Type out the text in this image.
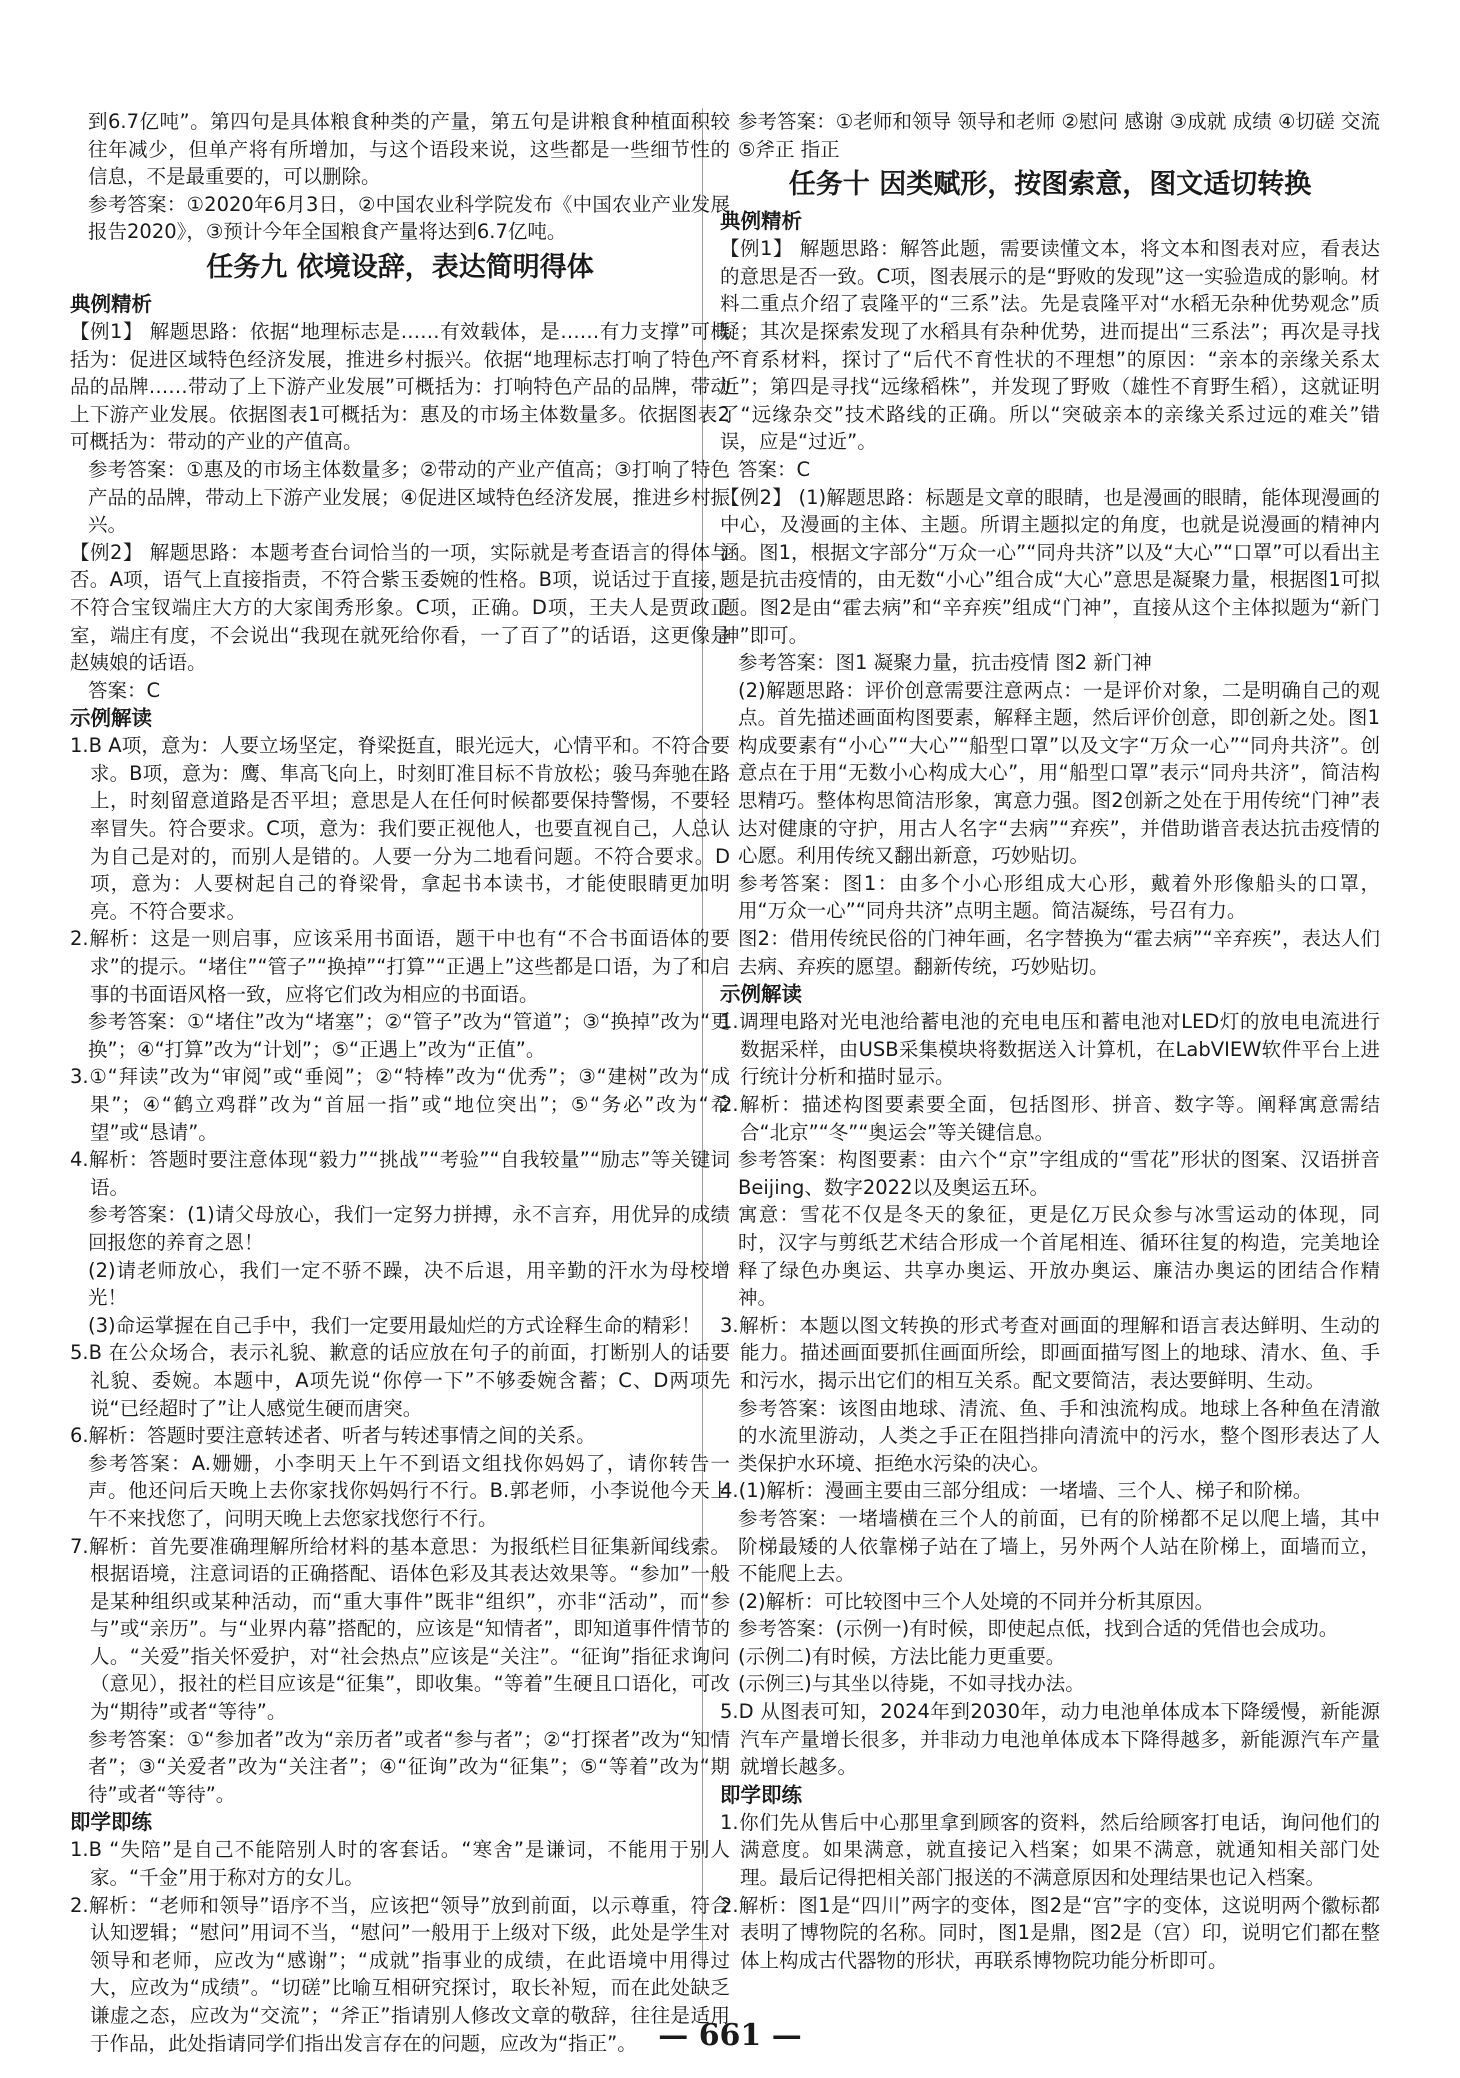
到6.7亿吨”。第四句是具体粮食种类的产量，第五句是讲粮食种植面积较往年减少，但单产将有所增加，与这个语段来说，这些都是一些细节性的信息，不是最重要的，可以删除。

参考答案：①2020年6月3日，②中国农业科学院发布《中国农业产业发展报告2020》，③预计今年全国粮食产量将达到6.7亿吨。

任务九 依境设辞，表达简明得体
典例精析

【例1】 解题思路：依据“地理标志是……有效载体，是……有力支撑”可概括为：促进区域特色经济发展，推进乡村振兴。依据“地理标志打响了特色产品的品牌……带动了上下游产业发展”可概括为：打响特色产品的品牌，带动上下游产业发展。依据图表1可概括为：惠及的市场主体数量多。依据图表2可概括为：带动的产业的产值高。

参考答案：①惠及的市场主体数量多；②带动的产业产值高；③打响了特色产品的品牌，带动上下游产业发展；④促进区域特色经济发展，推进乡村振兴。

【例2】 解题思路：本题考查台词恰当的一项，实际就是考查语言的得体与否。A项，语气上直接指责，不符合紫玉委婉的性格。B项，说话过于直接，不符合宝钗端庄大方的大家闺秀形象。C项，正确。D项，王夫人是贾政正室，端庄有度，不会说出“我现在就死给你看，一了百了”的话语，这更像是赵姨娘的话语。

答案：C

示例解读

1.B A项，意为：人要立场坚定，脊梁挺直，眼光远大，心情平和。不符合要求。B项，意为：鹰、隼高飞向上，时刻盯准目标不肯放松；骏马奔驰在路上，时刻留意道路是否平坦；意思是人在任何时候都要保持警惕，不要轻率冒失。符合要求。C项，意为：我们要正视他人，也要直视自己，人总认为自己是对的，而别人是错的。人要一分为二地看问题。不符合要求。D项，意为：人要树起自己的脊梁骨，拿起书本读书，才能使眼睛更加明亮。不符合要求。

2.解析：这是一则启事，应该采用书面语，题干中也有“不合书面语体的要求”的提示。“堵住”“管子”“换掉”“打算”“正遇上”这些都是口语，为了和启事的书面语风格一致，应将它们改为相应的书面语。

参考答案：①“堵住”改为“堵塞”；②“管子”改为“管道”；③“换掉”改为“更换”；④“打算”改为“计划”；⑤“正遇上”改为“正值”。

3.①“拜读”改为“审阅”或“垂阅”；②“特棒”改为“优秀”；③“建树”改为“成果”；④“鹤立鸡群”改为“首屈一指”或“地位突出”；⑤“务必”改为“希望”或“恳请”。

4.解析：答题时要注意体现“毅力”“挑战”“考验”“自我较量”“励志”等关键词语。

参考答案：(1)请父母放心，我们一定努力拼搏，永不言弃，用优异的成绩回报您的养育之恩！

(2)请老师放心，我们一定不骄不躁，决不后退，用辛勤的汗水为母校增光！

(3)命运掌握在自己手中，我们一定要用最灿烂的方式诠释生命的精彩！

5.B 在公众场合，表示礼貌、歉意的话应放在句子的前面，打断别人的话要礼貌、委婉。本题中，A项先说“你停一下”不够委婉含蓄；C、D两项先说“已经超时了”让人感觉生硬而唐突。

6.解析：答题时要注意转述者、听者与转述事情之间的关系。

参考答案：A.姗姗，小李明天上午不到语文组找你妈妈了，请你转告一声。他还问后天晚上去你家找你妈妈行不行。B.郭老师，小李说他今天上午不来找您了，问明天晚上去您家找您行不行。

7.解析：首先要准确理解所给材料的基本意思：为报纸栏目征集新闻线索。根据语境，注意词语的正确搭配、语体色彩及其表达效果等。“参加”一般是某种组织或某种活动，而“重大事件”既非“组织”，亦非“活动”，而“参与”或“亲历”。与“业界内幕”搭配的，应该是“知情者”，即知道事件情节的人。“关爱”指关怀爱护，对“社会热点”应该是“关注”。“征询”指征求询问（意见），报社的栏目应该是“征集”，即收集。“等着”生硬且口语化，可改为“期待”或者“等待”。

参考答案：①“参加者”改为“亲历者”或者“参与者”；②“打探者”改为“知情者”；③“关爱者”改为“关注者”；④“征询”改为“征集”；⑤“等着”改为“期待”或者“等待”。

即学即练

1.B “失陪”是自己不能陪别人时的客套话。“寒舍”是谦词，不能用于别人家。“千金”用于称对方的女儿。

2.解析：“老师和领导”语序不当，应该把“领导”放到前面，以示尊重，符合认知逻辑；“慰问”用词不当，“慰问”一般用于上级对下级，此处是学生对领导和老师，应改为“感谢”；“成就”指事业的成绩，在此语境中用得过大，应改为“成绩”。“切磋”比喻互相研究探讨，取长补短，而在此处缺乏谦虚之态，应改为“交流”；“斧正”指请别人修改文章的敬辞，往往是适用于作品，此处指请同学们指出发言存在的问题，应改为“指正”。

参考答案：①老师和领导 领导和老师 ②慰问 感谢 ③成就 成绩 ④切磋 交流 ⑤斧正 指正

任务十 因类赋形，按图索意，图文适切转换
典例精析

【例1】 解题思路：解答此题，需要读懂文本，将文本和图表对应，看表达的意思是否一致。C项，图表展示的是“野败的发现”这一实验造成的影响。材料二重点介绍了袁隆平的“三系”法。先是袁隆平对“水稻无杂种优势观念”质疑；其次是探索发现了水稻具有杂种优势，进而提出“三系法”；再次是寻找不育系材料，探讨了“后代不育性状的不理想”的原因：“亲本的亲缘关系太近”；第四是寻找“远缘稻株”，并发现了野败（雄性不育野生稻），这就证明了“远缘杂交”技术路线的正确。所以“突破亲本的亲缘关系过远的难关”错误，应是“过近”。

答案：C

【例2】 (1)解题思路：标题是文章的眼睛，也是漫画的眼睛，能体现漫画的中心，及漫画的主体、主题。所谓主题拟定的角度，也就是说漫画的精神内涵。图1，根据文字部分“万众一心”“同舟共济”以及“大心”“口罩”可以看出主题是抗击疫情的，由无数“小心”组合成“大心”意思是凝聚力量，根据图1可拟题。图2是由“霍去病”和“辛弃疾”组成“门神”，直接从这个主体拟题为“新门神”即可。

参考答案：图1 凝聚力量，抗击疫情 图2 新门神

(2)解题思路：评价创意需要注意两点：一是评价对象，二是明确自己的观点。首先描述画面构图要素，解释主题，然后评价创意，即创新之处。图1构成要素有“小心”“大心”“船型口罩”以及文字“万众一心”“同舟共济”。创意点在于用“无数小心构成大心”，用“船型口罩”表示“同舟共济”，简洁构思精巧。整体构思简洁形象，寓意力强。图2创新之处在于用传统“门神”表达对健康的守护，用古人名字“去病”“弃疾”，并借助谐音表达抗击疫情的心愿。利用传统又翻出新意，巧妙贴切。

参考答案：图1：由多个小心形组成大心形，戴着外形像船头的口罩，用“万众一心”“同舟共济”点明主题。简洁凝练，号召有力。

图2：借用传统民俗的门神年画，名字替换为“霍去病”“辛弃疾”，表达人们去病、弃疾的愿望。翻新传统，巧妙贴切。

示例解读

1.调理电路对光电池给蓄电池的充电电压和蓄电池对LED灯的放电电流进行数据采样，由USB采集模块将数据送入计算机，在LabVIEW软件平台上进行统计分析和描时显示。

2.解析：描述构图要素要全面，包括图形、拼音、数字等。阐释寓意需结合“北京”“冬”“奥运会”等关键信息。

参考答案：构图要素：由六个“京”字组成的“雪花”形状的图案、汉语拼音Beijing、数字2022以及奥运五环。

寓意：雪花不仅是冬天的象征，更是亿万民众参与冰雪运动的体现，同时，汉字与剪纸艺术结合形成一个首尾相连、循环往复的构造，完美地诠释了绿色办奥运、共享办奥运、开放办奥运、廉洁办奥运的团结合作精神。

3.解析：本题以图文转换的形式考查对画面的理解和语言表达鲜明、生动的能力。描述画面要抓住画面所绘，即画面描写图上的地球、清水、鱼、手和污水，揭示出它们的相互关系。配文要简洁，表达要鲜明、生动。

参考答案：该图由地球、清流、鱼、手和浊流构成。地球上各种鱼在清澈的水流里游动，人类之手正在阻挡排向清流中的污水，整个图形表达了人类保护水环境、拒绝水污染的决心。

4.(1)解析：漫画主要由三部分组成：一堵墙、三个人、梯子和阶梯。

参考答案：一堵墙横在三个人的前面，已有的阶梯都不足以爬上墙，其中阶梯最矮的人依靠梯子站在了墙上，另外两个人站在阶梯上，面墙而立，不能爬上去。

(2)解析：可比较图中三个人处境的不同并分析其原因。

参考答案：(示例一)有时候，即使起点低，找到合适的凭借也会成功。

(示例二)有时候，方法比能力更重要。

(示例三)与其坐以待毙，不如寻找办法。

5.D 从图表可知，2024年到2030年，动力电池单体成本下降缓慢，新能源汽车产量增长很多，并非动力电池单体成本下降得越多，新能源汽车产量就增长越多。

即学即练

1.你们先从售后中心那里拿到顾客的资料，然后给顾客打电话，询问他们的满意度。如果满意，就直接记入档案；如果不满意，就通知相关部门处理。最后记得把相关部门报送的不满意原因和处理结果也记入档案。

2.解析：图1是“四川”两字的变体，图2是“宫”字的变体，这说明两个徽标都表明了博物院的名称。同时，图1是鼎，图2是（宫）印，说明它们都在整体上构成古代器物的形状，再联系博物院功能分析即可。

— 661 —
